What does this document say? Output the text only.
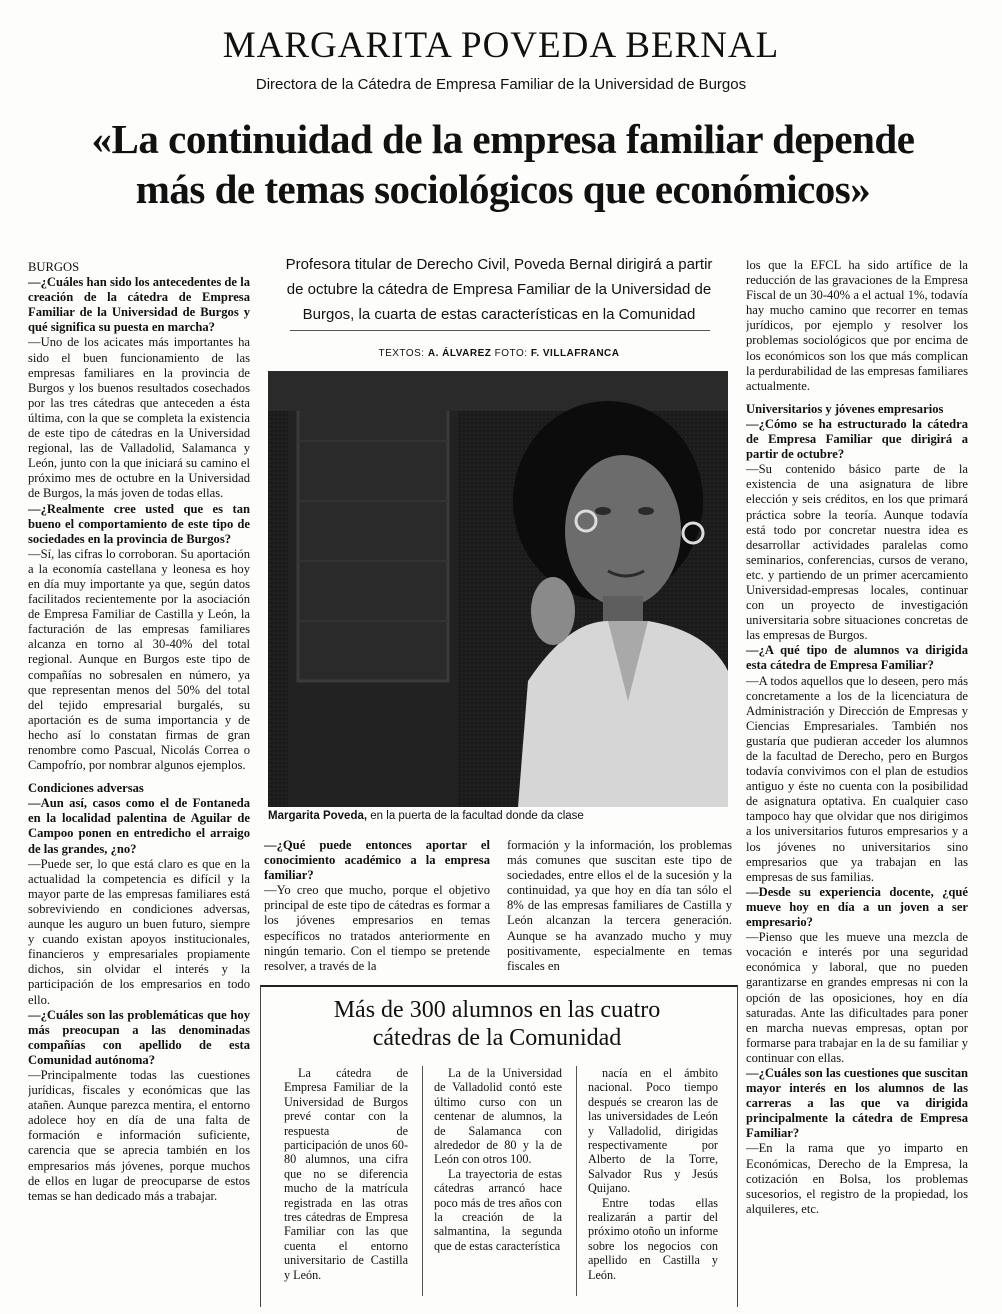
MARGARITA POVEDA BERNAL
Directora de la Cátedra de Empresa Familiar de la Universidad de Burgos
«La continuidad de la empresa familiar depende
más de temas sociológicos que económicos»

BURGOS

—¿Cuáles han sido los antecedentes de la creación de la cátedra de Empresa Familiar de la Universidad de Burgos y qué significa su puesta en marcha?

—Uno de los acicates más importantes ha sido el buen funcionamiento de las empresas familiares en la provincia de Burgos y los buenos resultados cosechados por las tres cátedras que anteceden a ésta última, con la que se completa la existencia de este tipo de cátedras en la Universidad regional, las de Valladolid, Salamanca y León, junto con la que iniciará su camino el próximo mes de octubre en la Universidad de Burgos, la más joven de todas ellas.

—¿Realmente cree usted que es tan bueno el comportamiento de este tipo de sociedades en la provincia de Burgos?

—Sí, las cifras lo corroboran. Su aportación a la economía castellana y leonesa es hoy en día muy importante ya que, según datos facilitados recientemente por la asociación de Empresa Familiar de Castilla y León, la facturación de las empresas familiares alcanza en torno al 30-40% del total regional. Aunque en Burgos este tipo de compañías no sobresalen en número, ya que representan menos del 50% del total del tejido empresarial burgalés, su aportación es de suma importancia y de hecho así lo constatan firmas de gran renombre como Pascual, Nicolás Correa o Campofrío, por nombrar algunos ejemplos.

Condiciones adversas

—Aun así, casos como el de Fontaneda en la localidad palentina de Aguilar de Campoo ponen en entredicho el arraigo de las grandes, ¿no?

—Puede ser, lo que está claro es que en la actualidad la competencia es difícil y la mayor parte de las empresas familiares está sobreviviendo en condiciones adversas, aunque les auguro un buen futuro, siempre y cuando existan apoyos institucionales, financieros y empresariales propiamente dichos, sin olvidar el interés y la participación de los empresarios en todo ello.

—¿Cuáles son las problemáticas que hoy más preocupan a las denominadas compañías con apellido de esta Comunidad autónoma?

—Principalmente todas las cuestiones jurídicas, fiscales y económicas que las atañen. Aunque parezca mentira, el entorno adolece hoy en día de una falta de formación e información suficiente, carencia que se aprecia también en los empresarios más jóvenes, porque muchos de ellos en lugar de preocuparse de estos temas se han dedicado más a trabajar.

Profesora titular de Derecho Civil, Poveda Bernal dirigirá a partir
de octubre la cátedra de Empresa Familiar de la Universidad de
Burgos, la cuarta de estas características en la Comunidad
TEXTOS: A. ÁLVAREZ FOTO: F. VILLAFRANCA
Margarita Poveda, en la puerta de la facultad donde da clase

—¿Qué puede entonces aportar el conocimiento académico a la empresa familiar?

—Yo creo que mucho, porque el objetivo principal de este tipo de cátedras es formar a los jóvenes empresarios en temas específicos no tratados anteriormente en ningún temario. Con el tiempo se pretende resolver, a través de la

formación y la información, los problemas más comunes que suscitan este tipo de sociedades, entre ellos el de la sucesión y la continuidad, ya que hoy en día tan sólo el 8% de las empresas familiares de Castilla y León alcanzan la tercera generación. Aunque se ha avanzado mucho y muy positivamente, especialmente en temas fiscales en

los que la EFCL ha sido artífice de la reducción de las gravaciones de la Empresa Fiscal de un 30-40% a el actual 1%, todavía hay mucho camino que recorrer en temas jurídicos, por ejemplo y resolver los problemas sociológicos que por encima de los económicos son los que más complican la perdurabilidad de las empresas familiares actualmente.

Universitarios y jóvenes empresarios

—¿Cómo se ha estructurado la cátedra de Empresa Familiar que dirigirá a partir de octubre?

—Su contenido básico parte de la existencia de una asignatura de libre elección y seis créditos, en los que primará práctica sobre la teoría. Aunque todavía está todo por concretar nuestra idea es desarrollar actividades paralelas como seminarios, conferencias, cursos de verano, etc. y partiendo de un primer acercamiento Universidad-empresas locales, continuar con un proyecto de investigación universitaria sobre situaciones concretas de las empresas de Burgos.

—¿A qué tipo de alumnos va dirigida esta cátedra de Empresa Familiar?

—A todos aquellos que lo deseen, pero más concretamente a los de la licenciatura de Administración y Dirección de Empresas y Ciencias Empresariales. También nos gustaría que pudieran acceder los alumnos de la facultad de Derecho, pero en Burgos todavía convivimos con el plan de estudios antiguo y éste no cuenta con la posibilidad de asignatura optativa. En cualquier caso tampoco hay que olvidar que nos dirigimos a los universitarios futuros empresarios y a los jóvenes no universitarios sino empresarios que ya trabajan en las empresas de sus familias.

—Desde su experiencia docente, ¿qué mueve hoy en día a un joven a ser empresario?

—Pienso que les mueve una mezcla de vocación e interés por una seguridad económica y laboral, que no pueden garantizarse en grandes empresas ni con la opción de las oposiciones, hoy en día saturadas. Ante las dificultades para poner en marcha nuevas empresas, optan por formarse para trabajar en la de su familiar y continuar con ellas.

—¿Cuáles son las cuestiones que suscitan mayor interés en los alumnos de las carreras a las que va dirigida principalmente la cátedra de Empresa Familiar?

—En la rama que yo imparto en Económicas, Derecho de la Empresa, la cotización en Bolsa, los problemas sucesorios, el registro de la propiedad, los alquileres, etc.

Más de 300 alumnos en las cuatro
cátedras de la Comunidad

La cátedra de Empresa Familiar de la Universidad de Burgos prevé contar con la respuesta de participación de unos 60-80 alumnos, una cifra que no se diferencia mucho de la matrícula registrada en las otras tres cátedras de Empresa Familiar con las que cuenta el entorno universitario de Castilla y León.

La de la Universidad de Valladolid contó este último curso con un centenar de alumnos, la de Salamanca con alrededor de 80 y la de León con otros 100.

La trayectoria de estas cátedras arrancó hace poco más de tres años con la creación de la salmantina, la segunda que de estas característica

nacía en el ámbito nacional. Poco tiempo después se crearon las de las universidades de León y Valladolid, dirigidas respectivamente por Alberto de la Torre, Salvador Rus y Jesús Quijano.

Entre todas ellas realizarán a partir del próximo otoño un informe sobre los negocios con apellido en Castilla y León.
